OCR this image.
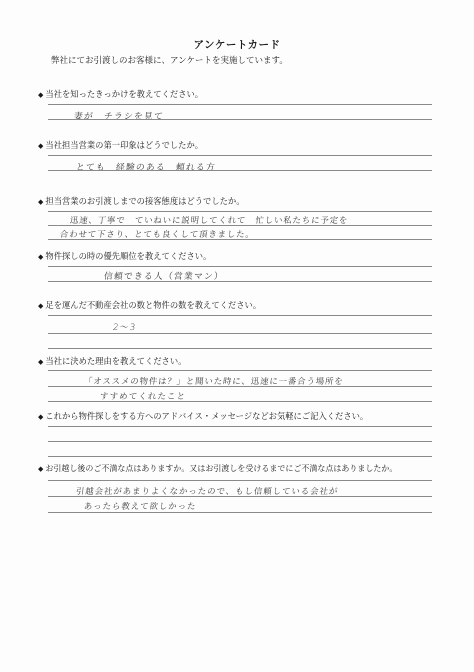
アンケートカード
弊社にてお引渡しのお客様に、アンケートを実施しています。
◆ 当社を知ったきっかけを教えてください。
妻が　チラシを見て
◆ 当社担当営業の第一印象はどうでしたか。
とても　経験のある　頼れる方
◆ 担当営業のお引渡しまでの接客態度はどうでしたか。
迅速、丁寧で　ていねいに説明してくれて　忙しい私たちに予定を
合わせて下さり、とても良くして頂きました。
◆ 物件探しの時の優先順位を教えてください。
信頼できる人（営業マン）
◆ 足を運んだ不動産会社の数と物件の数を教えてください。
2〜3
◆ 当社に決めた理由を教えてください。
「オススメの物件は？」と聞いた時に、迅速に一番合う場所を
すすめてくれたこと
◆ これから物件探しをする方へのアドバイス・メッセージなどお気軽にご記入ください。
◆ お引越し後のご不満な点はありますか。又はお引渡しを受けるまでにご不満な点はありましたか。
引越会社があまりよくなかったので、もし信頼している会社が
あったら教えて欲しかった
